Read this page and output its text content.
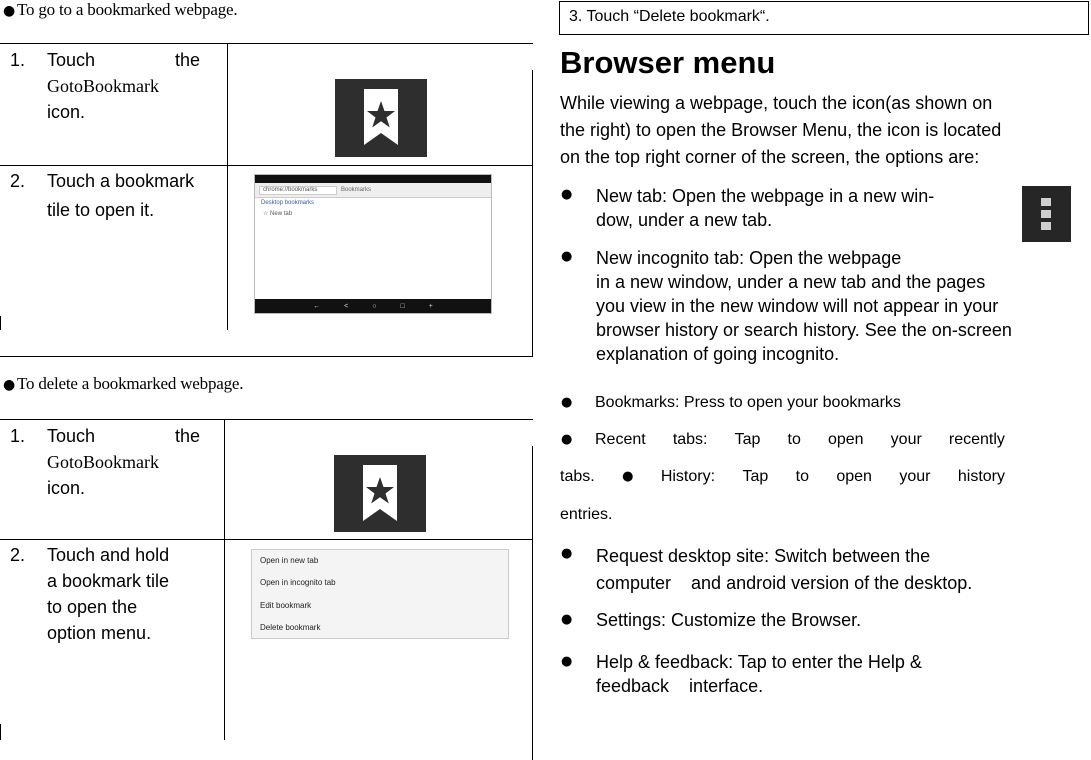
● To go to a bookmarked webpage.
1. Touch	the
GotoBookmark
icon.
2. Touch a bookmark
tile to open it.
chrome://bookmarks	Bookmarks
Desktop bookmarks
☆ New tab
←	<	○	□	+
● To delete a bookmarked webpage.
1. Touch	the
GotoBookmark
icon.
2. Touch and hold
a bookmark tile
to open the
option menu.
Open in new tab
Open in incognito tab
Edit bookmark
Delete bookmark
3. Touch “Delete bookmark“.
Browser menu
While viewing a webpage, touch the icon(as shown on
the right) to open the Browser Menu, the icon is located
on the top right corner of the screen, the options are:
● New tab: Open the webpage in a new win-
dow, under a new tab.
● New incognito tab: Open the webpage
in a new window, under a new tab and the pages
you view in the new window will not appear in your
browser history or search history. See the on-screen
explanation of going incognito.
● Bookmarks: Press to open your bookmarks
● Recent tabs: Tap to open your recently
tabs. ● History: Tap to open your history
entries.
● Request desktop site: Switch between the
computer    and android version of the desktop.
● Settings: Customize the Browser.
● Help & feedback: Tap to enter the Help &
feedback    interface.
